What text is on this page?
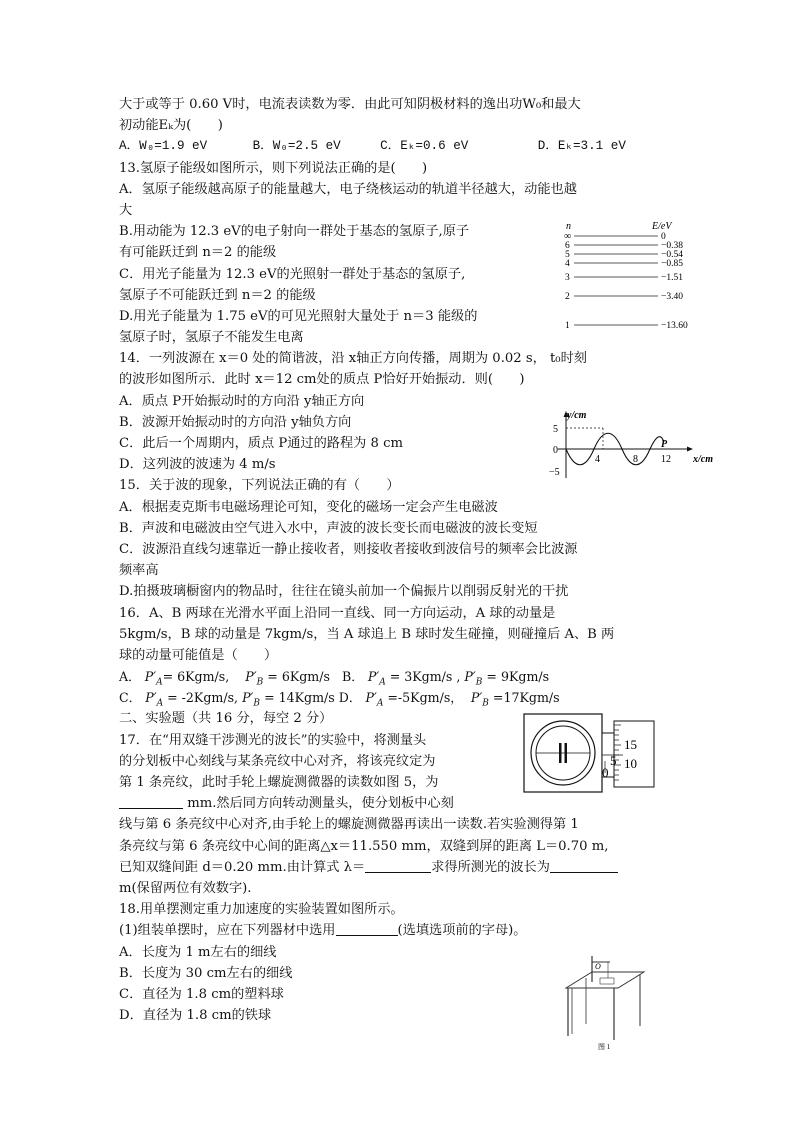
大于或等于 0.60 V时，电流表读数为零．由此可知阴极材料的逸出功W₀和最大
初动能Eₖ为(　　)
A．W₀=1.9 eV	B．W₀=2.5 eV	C．Eₖ=0.6 eV	D．Eₖ=3.1 eV
13.氢原子能级如图所示，则下列说法正确的是(　　)
A．氢原子能级越高原子的能量越大，电子绕核运动的轨道半径越大，动能也越
大
B.用动能为 12.3 eV的电子射向一群处于基态的氢原子,原子
有可能跃迁到 n＝2 的能级
C．用光子能量为 12.3 eV的光照射一群处于基态的氢原子,
氢原子不可能跃迁到 n＝2 的能级
D.用光子能量为 1.75 eV的可见光照射大量处于 n＝3 能级的
氢原子时，氢原子不能发生电离
14．一列波源在 x＝0 处的简谐波，沿 x轴正方向传播，周期为 0.02 s， t₀时刻
的波形如图所示．此时 x＝12 cm处的质点 P恰好开始振动．则(　　)
A．质点 P开始振动时的方向沿 y轴正方向
B．波源开始振动时的方向沿 y轴负方向
C．此后一个周期内，质点 P通过的路程为 8 cm
D．这列波的波速为 4 m/s
15．关于波的现象，下列说法正确的有（　　）
A．根据麦克斯韦电磁场理论可知，变化的磁场一定会产生电磁波
B．声波和电磁波由空气进入水中，声波的波长变长而电磁波的波长变短
C．波源沿直线匀速靠近一静止接收者，则接收者接收到波信号的频率会比波源
频率高
D.拍摄玻璃橱窗内的物品时，往往在镜头前加一个偏振片以削弱反射光的干扰
16．A、B 两球在光滑水平面上沿同一直线、同一方向运动，A 球的动量是
5kgm/s，B 球的动量是 7kgm/s，当 A 球追上 B 球时发生碰撞，则碰撞后 A、B 两
球的动量可能值是（　　）
A． $P'_A= 6Kgm/s$, $P'_B = 6Kgm/s$ B． $P'_A = 3Kgm/s$ , $P'_B = 9Kgm/s$
C． $P'_A = -2Kgm/s$, $P'_B = 14Kgm/s$ D． $P'_A =-5Kgm/s$， $P'_B =17Kgm/s$
二、实验题（共 16 分，每空 2 分）
17．在“用双缝干涉测光的波长”的实验中，将测量头
的分划板中心刻线与某条亮纹中心对齐，将该亮纹定为
第 1 条亮纹，此时手轮上螺旋测微器的读数如图 5，为
mm.然后同方向转动测量头，使分划板中心刻
线与第 6 条亮纹中心对齐,由手轮上的螺旋测微器再读出一读数.若实验测得第 1
条亮纹与第 6 条亮纹中心间的距离△x＝11.550 mm，双缝到屏的距离 L＝0.70 m,
已知双缝间距 d＝0.20 mm.由计算式 λ＝	求得所测光的波长为
m(保留两位有效数字).
18.用单摆测定重力加速度的实验装置如图所示。
(1)组装单摆时，应在下列器材中选用	(选填选项前的字母)。
A．长度为 1 m左右的细线
B．长度为 30 cm左右的细线
C．直径为 1.8 cm的塑料球
D．直径为 1.8 cm的铁球
n	E/eV
∞	0
6	−0.38
5	−0.54
4	−0.85
3	−1.51
2	−3.40
1	−13.60
y/cm
x/cm
5
0
−5
4	8 12
P
15
10
5
0
O
图 1
